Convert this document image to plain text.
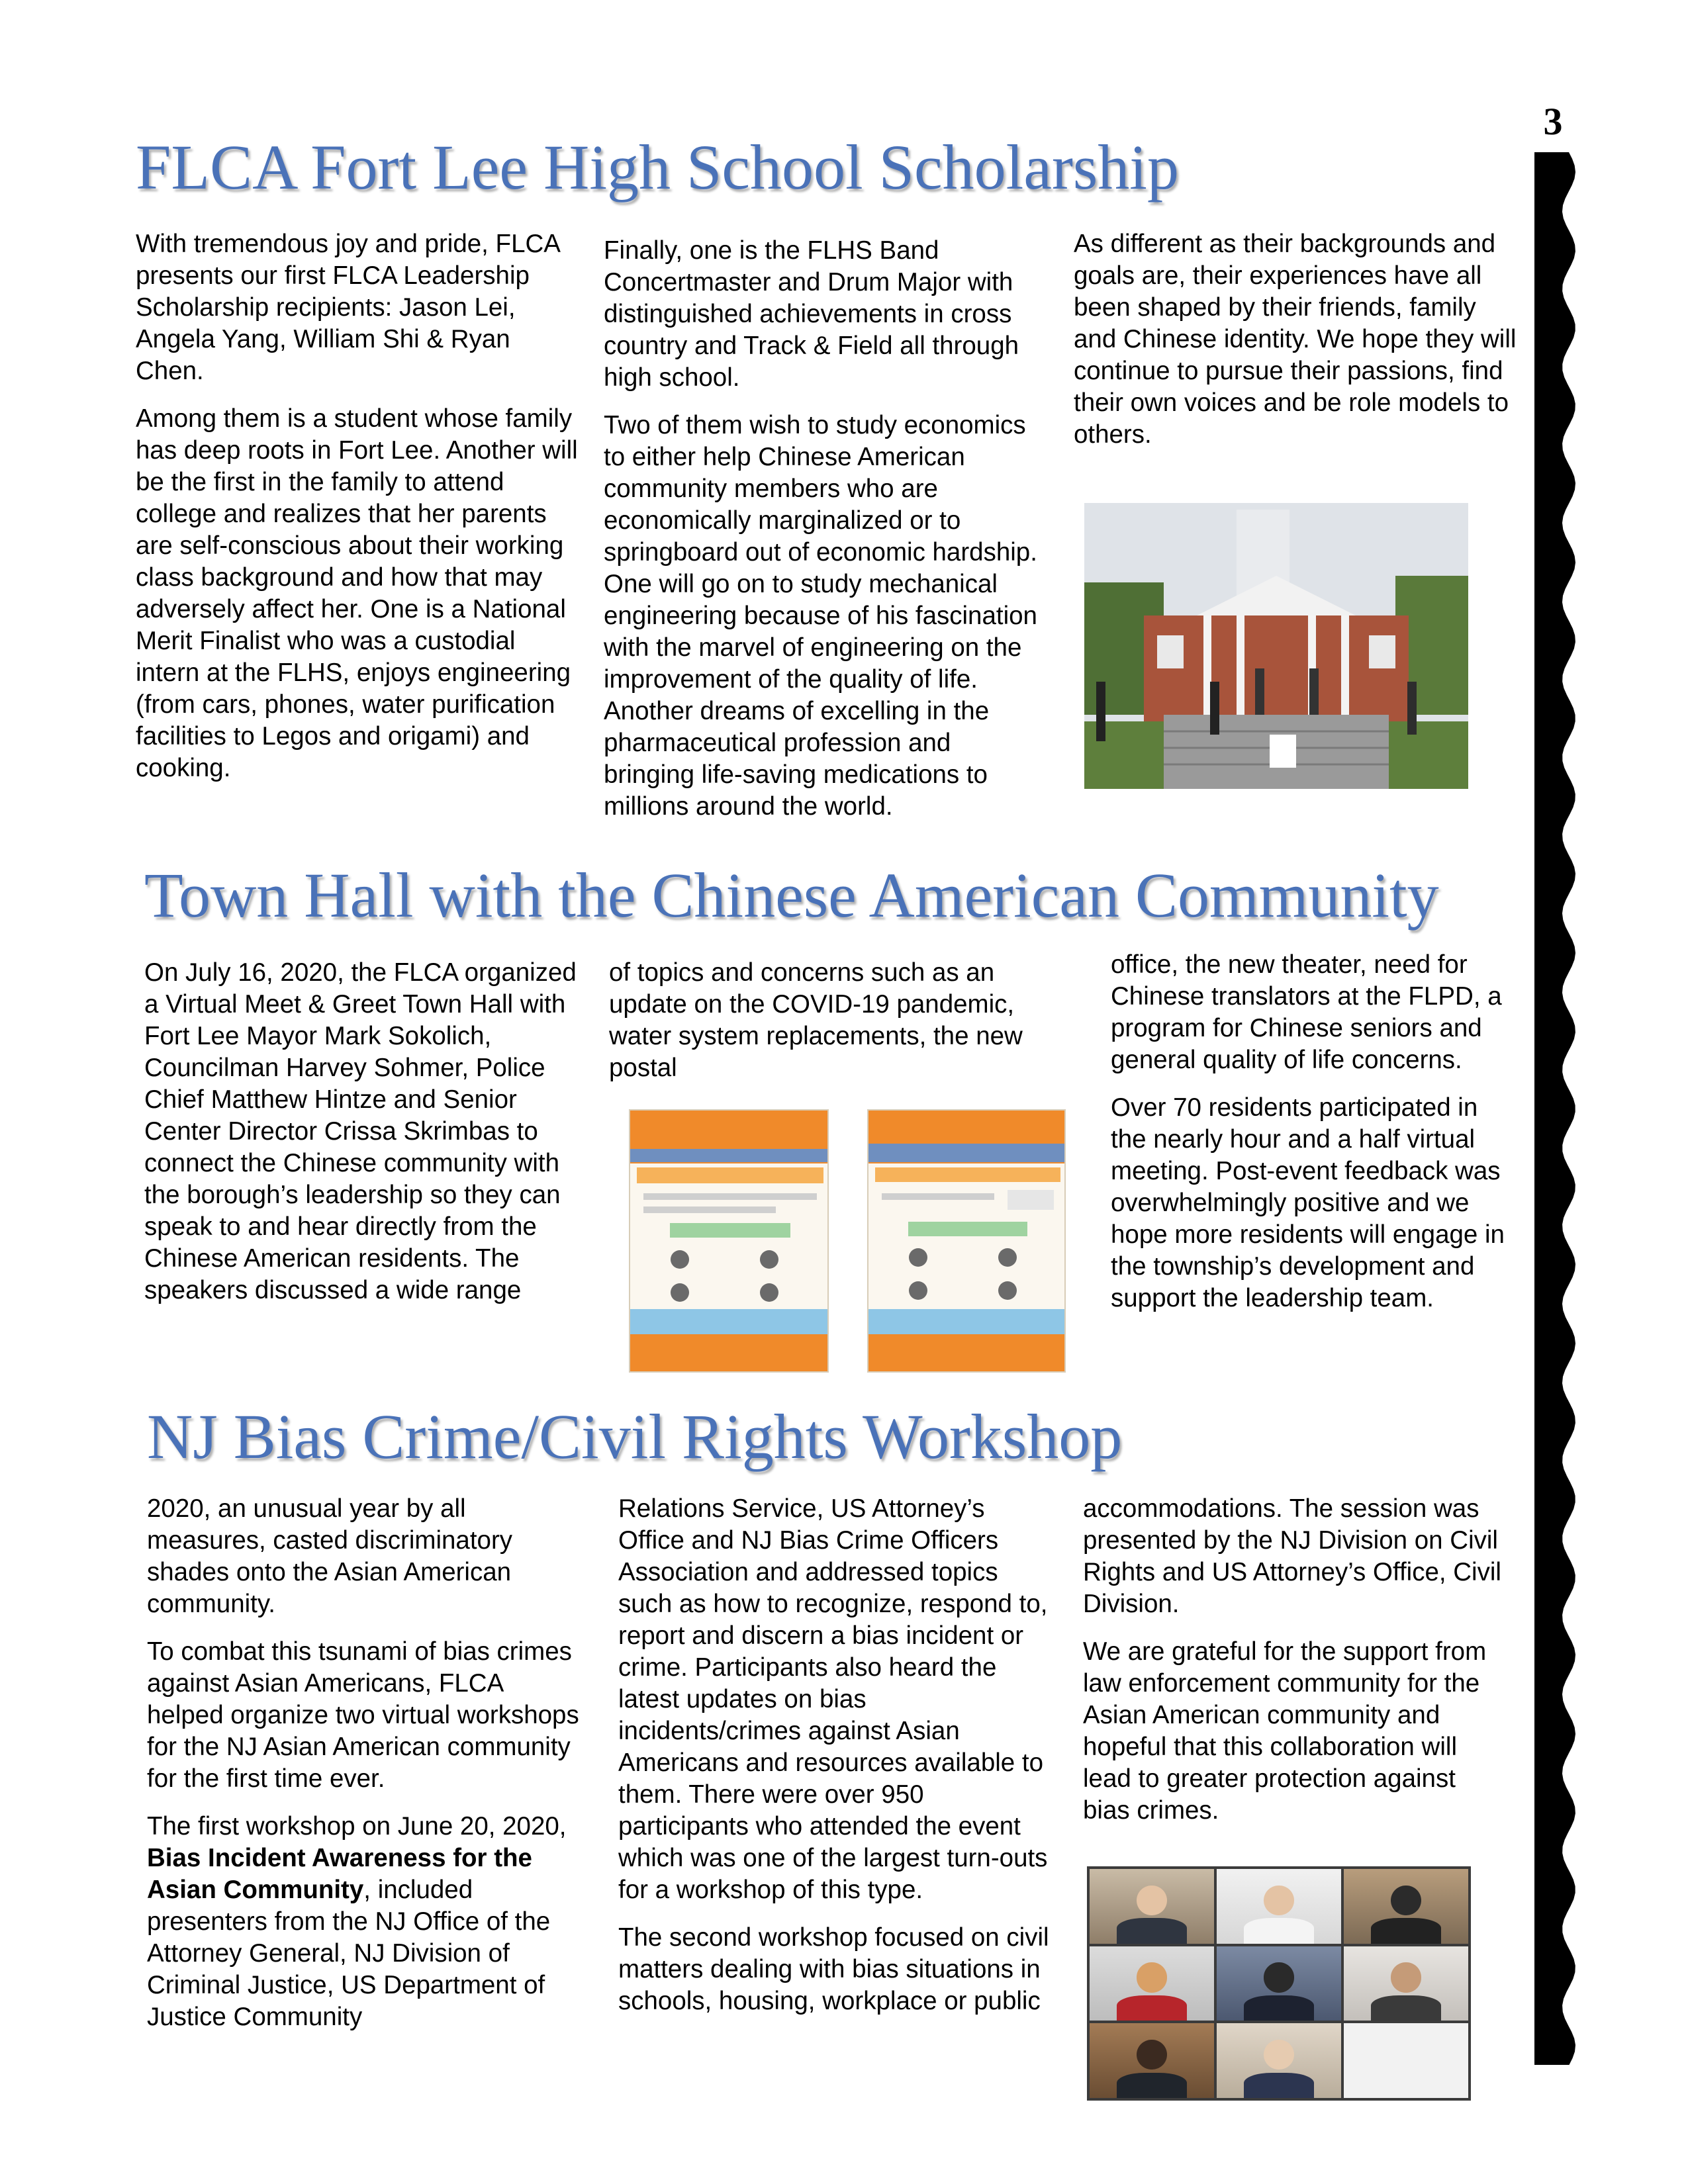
3
FLCA Fort Lee High School Scholarship

With tremendous joy and pride, FLCA presents our first FLCA Leadership Scholarship recipients: Jason Lei, Angela Yang, William Shi & Ryan Chen.

Among them is a student whose family has deep roots in Fort Lee. Another will be the first in the family to attend college and realizes that her parents are self-conscious about their working class background and how that may adversely affect her. One is a National Merit Finalist who was a custodial intern at the FLHS, enjoys engineering (from cars, phones, water purification facilities to Legos and origami) and cooking.

Finally, one is the FLHS Band Concertmaster and Drum Major with distinguished achievements in cross country and Track & Field all through high school.

Two of them wish to study economics to either help Chinese American community members who are economically marginalized or to springboard out of economic hardship. One will go on to study mechanical engineering because of his fascination with the marvel of engineering on the improvement of the quality of life. Another dreams of excelling in the pharmaceutical profession and bringing life-saving medications to millions around the world.

As different as their backgrounds and goals are, their experiences have all been shaped by their friends, family and Chinese identity. We hope they will continue to pursue their passions, find their own voices and be role models to others.

Town Hall with the Chinese American Community

On July 16, 2020, the FLCA organized a Virtual Meet & Greet Town Hall with Fort Lee Mayor Mark Sokolich, Councilman Harvey Sohmer, Police Chief Matthew Hintze and Senior Center Director Crissa Skrimbas to connect the Chinese community with the borough’s leadership so they can speak to and hear directly from the Chinese American residents. The speakers discussed a wide range

of topics and concerns such as an update on the COVID-19 pandemic, water system replacements, the new postal

office, the new theater, need for Chinese translators at the FLPD, a program for Chinese seniors and general quality of life concerns.

Over 70 residents participated in the nearly hour and a half virtual meeting. Post-event feedback was overwhelmingly positive and we hope more residents will engage in the township’s development and support the leadership team.

NJ Bias Crime/Civil Rights Workshop

2020, an unusual year by all measures, casted discriminatory shades onto the Asian American community.

To combat this tsunami of bias crimes against Asian Americans, FLCA helped organize two virtual workshops for the NJ Asian American community for the first time ever.

The first workshop on June 20, 2020, Bias Incident Awareness for the Asian Community, included presenters from the NJ Office of the Attorney General, NJ Division of Criminal Justice, US Department of Justice Community

Relations Service, US Attorney’s Office and NJ Bias Crime Officers Association and addressed topics such as how to recognize, respond to, report and discern a bias incident or crime. Participants also heard the latest updates on bias incidents/crimes against Asian Americans and resources available to them. There were over 950 participants who attended the event which was one of the largest turn-outs for a workshop of this type.

The second workshop focused on civil matters dealing with bias situations in schools, housing, workplace or public

accommodations. The session was presented by the NJ Division on Civil Rights and US Attorney’s Office, Civil Division.

We are grateful for the support from law enforcement community for the Asian American community and hopeful that this collaboration will lead to greater protection against bias crimes.
